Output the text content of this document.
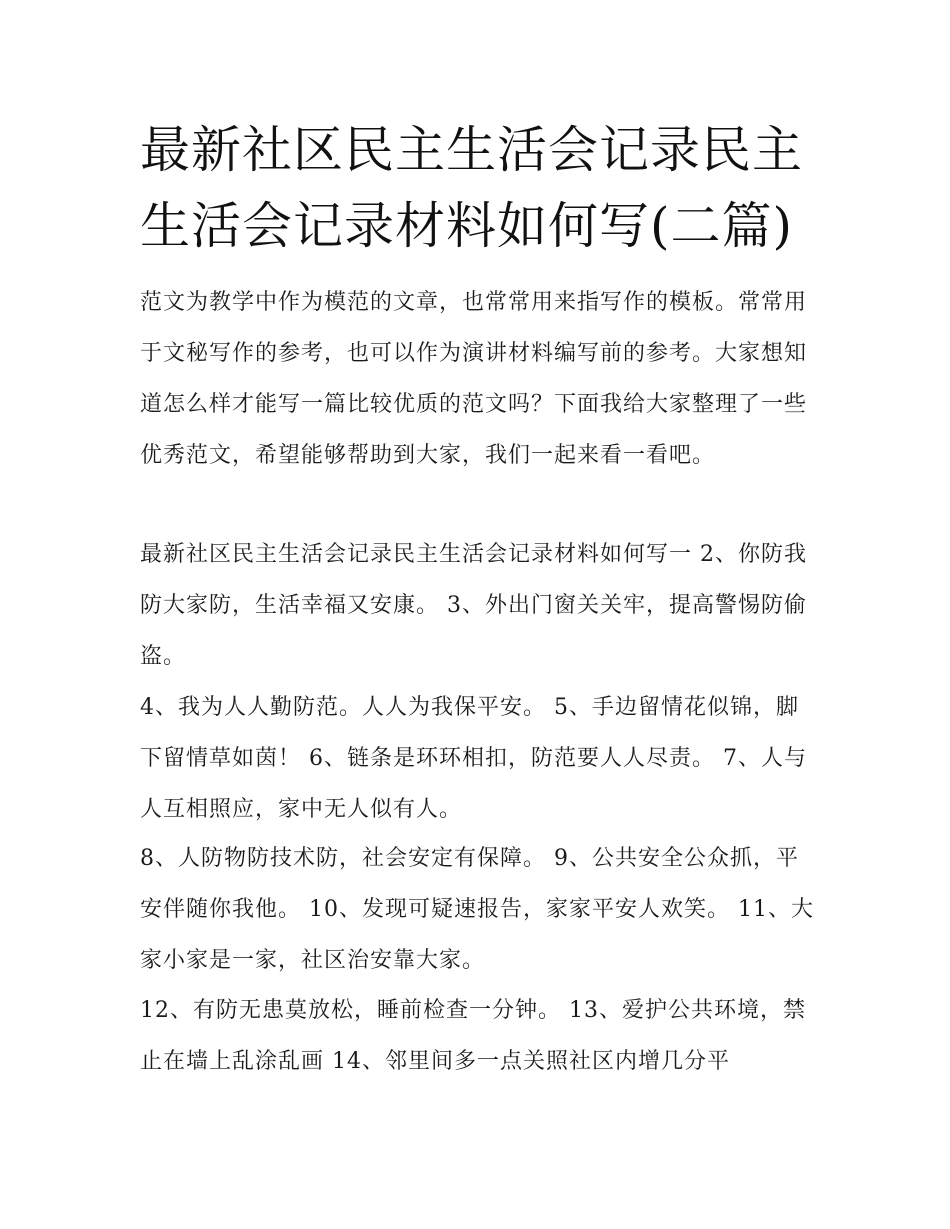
最新社区民主生活会记录民主生活会记录材料如何写(二篇)

范文为教学中作为模范的文章，也常常用来指写作的模板。常常用于文秘写作的参考，也可以作为演讲材料编写前的参考。大家想知道怎么样才能写一篇比较优质的范文吗？下面我给大家整理了一些优秀范文，希望能够帮助到大家，我们一起来看一看吧。

最新社区民主生活会记录民主生活会记录材料如何写一 2、你防我防大家防，生活幸福又安康。 3、外出门窗关关牢，提高警惕防偷盗。

4、我为人人勤防范。人人为我保平安。 5、手边留情花似锦，脚下留情草如茵！ 6、链条是环环相扣，防范要人人尽责。 7、人与人互相照应，家中无人似有人。

8、人防物防技术防，社会安定有保障。 9、公共安全公众抓，平安伴随你我他。 10、发现可疑速报告，家家平安人欢笑。 11、大家小家是一家，社区治安靠大家。

12、有防无患莫放松，睡前检查一分钟。 13、爱护公共环境，禁止在墙上乱涂乱画 14、邻里间多一点关照社区内增几分平
